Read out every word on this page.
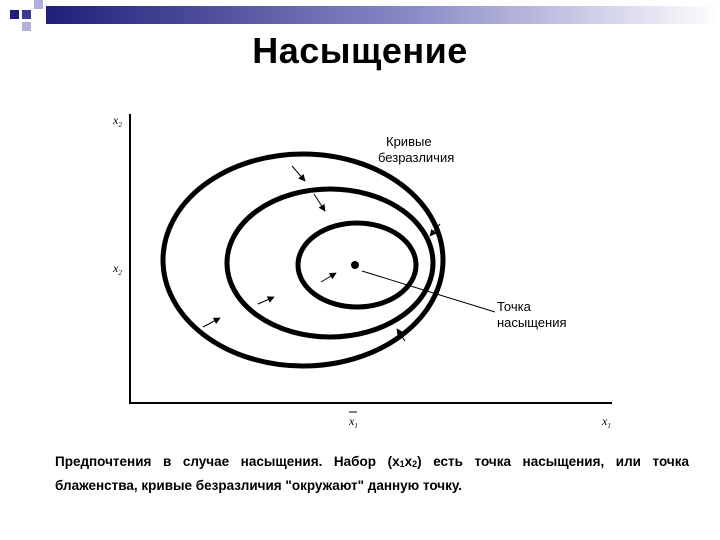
Насыщение
$x_2$
$x_2$
$x_1$	$x_1$
Кривые безразличия
Точка насыщения
Предпочтения в случае насыщения. Набор (x1x2) есть точка насыщения, или точка блаженства, кривые безразличия "окружают" данную точку.
